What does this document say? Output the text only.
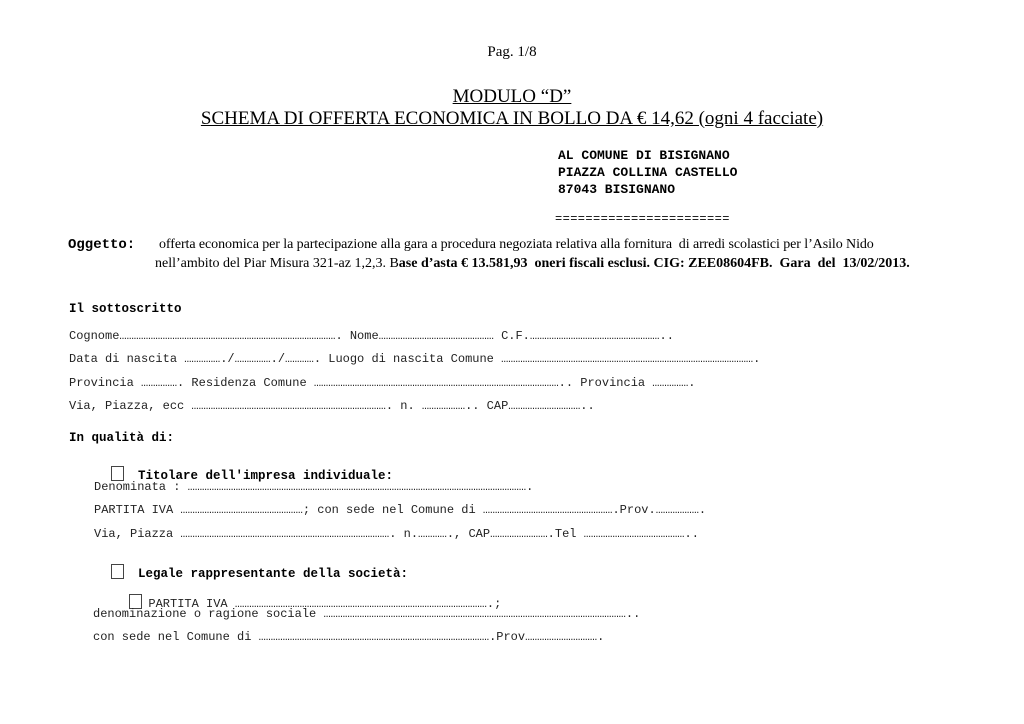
Pag. 1/8
MODULO “D”
SCHEMA DI OFFERTA ECONOMICA IN BOLLO DA € 14,62 (ogni 4 facciate)
AL COMUNE DI BISIGNANO
PIAZZA COLLINA CASTELLO
87043 BISIGNANO
=======================
Oggetto: offerta economica per la partecipazione alla gara a procedura negoziata relativa alla fornitura  di arredi scolastici per l’Asilo Nido
nell’ambito del Piar Misura 321-az 1,2,3. Base d’asta € 13.581,93  oneri fiscali esclusi. CIG: ZEE08604FB.  Gara  del  13/02/2013.
Il sottoscritto
Cognome………………………………………………………………………………. Nome………………………………………… C.F.………………………………………………..
Data di nascita ……………./……………./…………. Luogo di nascita Comune …………………………………………………………………………………………….
Provincia ……………. Residenza Comune ………………………………………………………………………………………….. Provincia …………….
Via, Piazza, ecc ………………………………………………………………………. n. ……………….. CAP…………………………..
In qualità di:

Titolare dell'impresa individuale:

Denominata : …………………………………………………………………………………………………………………………….
PARTITA IVA ……………………………………………; con sede nel Comune di ……………………………………………….Prov.……………….
Via, Piazza ……………………………………………………………………………. n.…………., CAP…………………….Tel ……………………………………..

Legale rappresentante della società:

PARTITA IVA …………………………………………………………………………………………….;

denominazione o ragione sociale ………………………………………………………………………………………………………………..
con sede nel Comune di …………………………………………………………………………………….Prov………………………….
